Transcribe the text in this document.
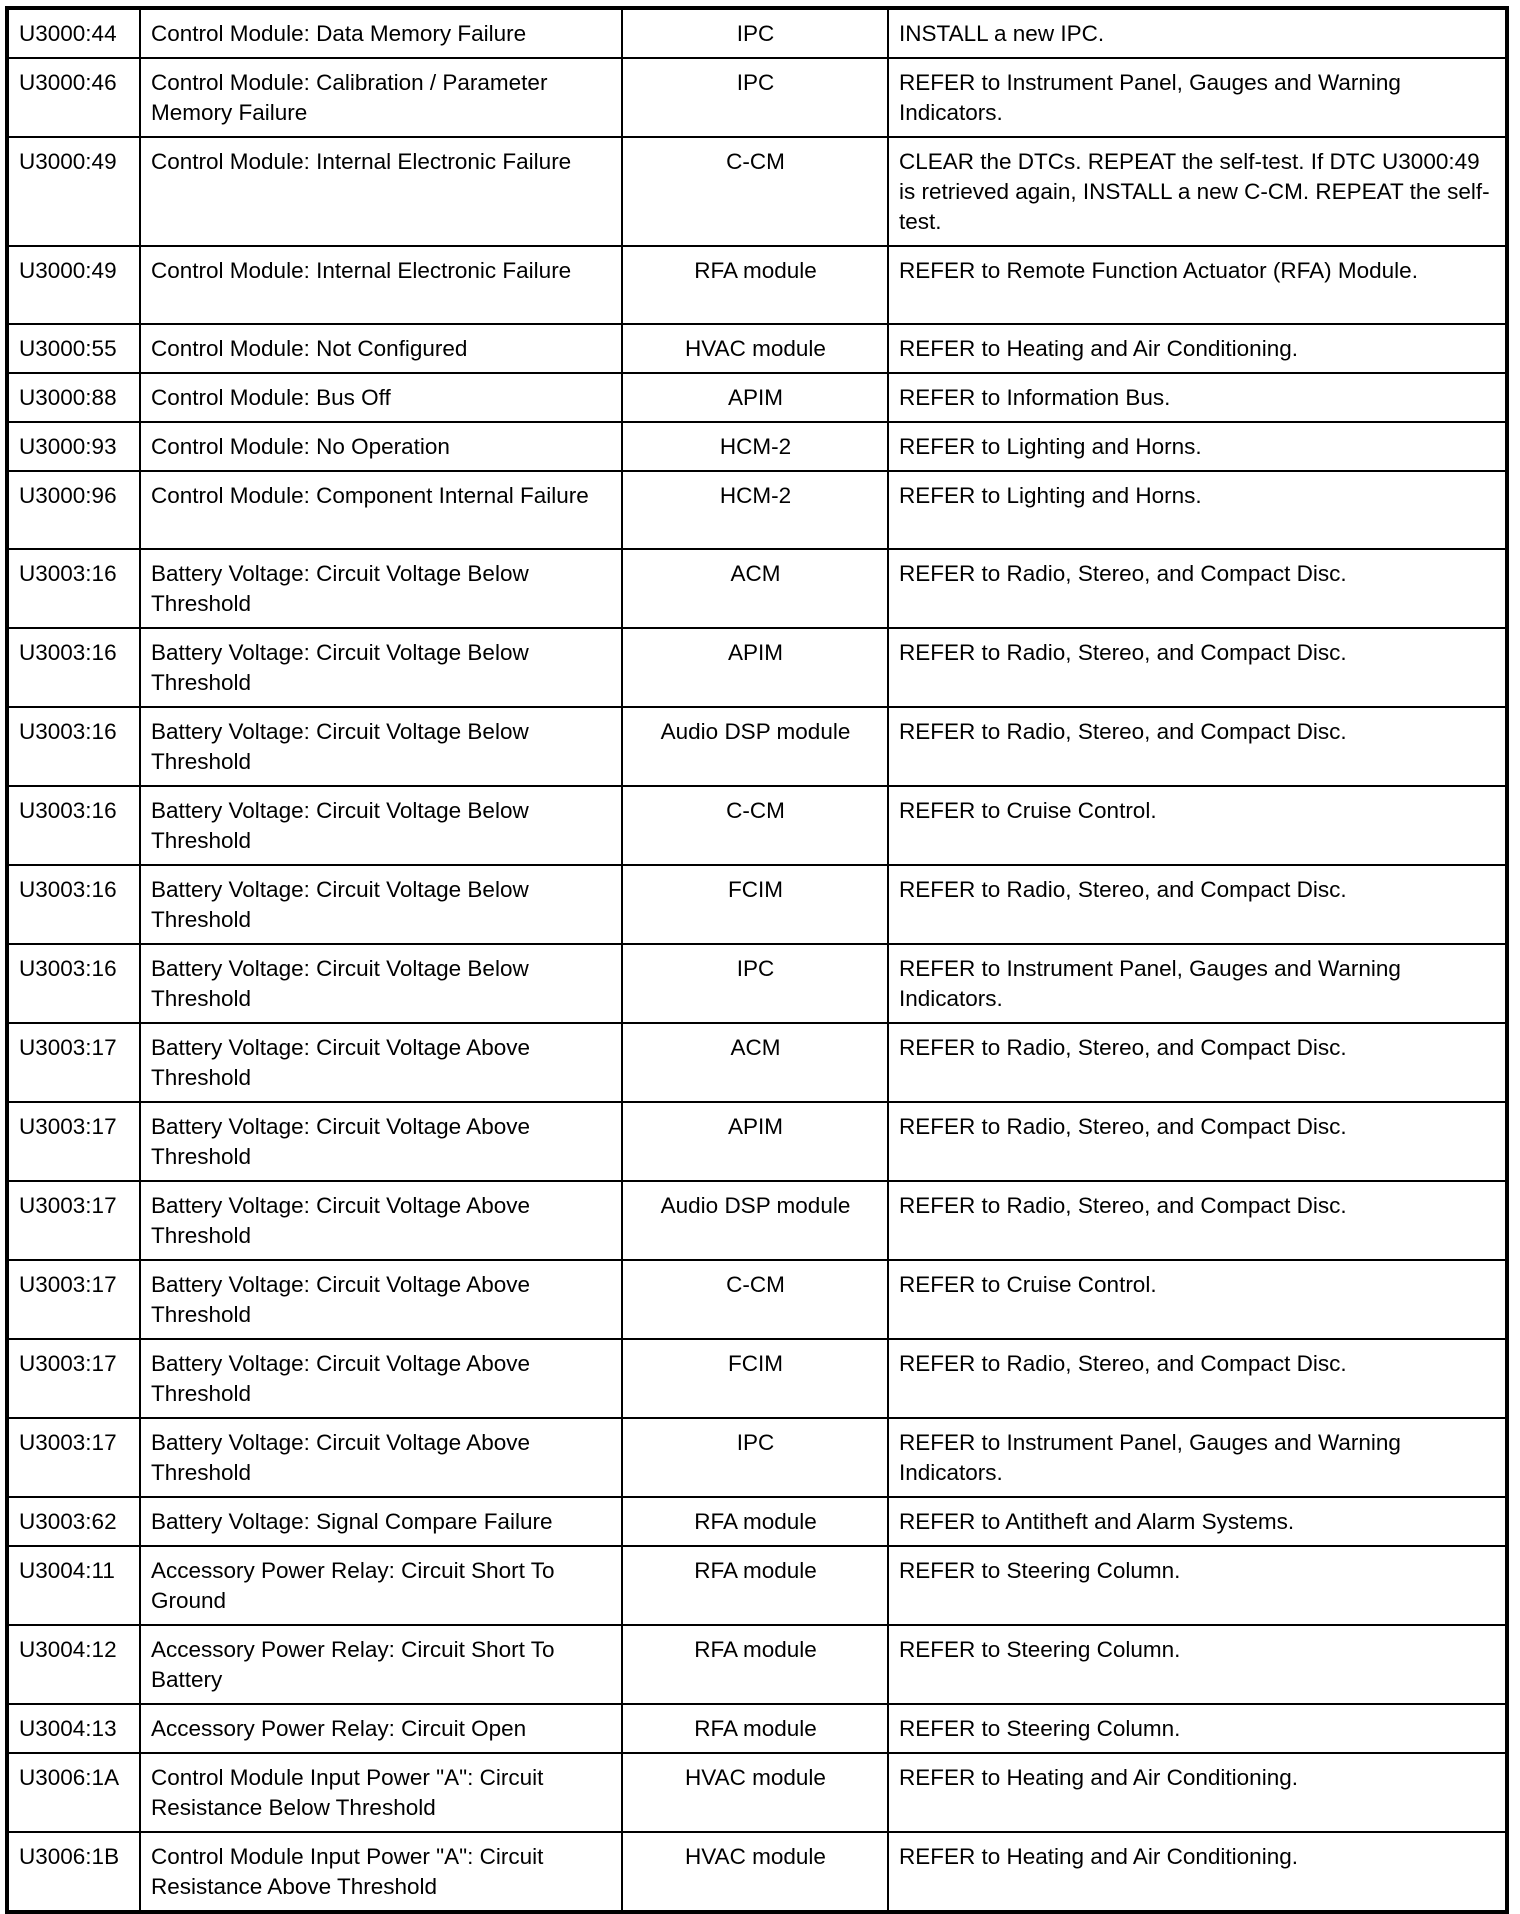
U3000:44	Control Module: Data Memory Failure	IPC	INSTALL a new IPC.
U3000:46	Control Module: Calibration / Parameter Memory Failure	IPC	REFER to Instrument Panel, Gauges and Warning Indicators.
U3000:49	Control Module: Internal Electronic Failure	C-CM	CLEAR the DTCs. REPEAT the self-test. If DTC U3000:49 is retrieved again, INSTALL a new C-CM. REPEAT the self-test.
U3000:49	Control Module: Internal Electronic Failure	RFA module	REFER to Remote Function Actuator (RFA) Module.
U3000:55	Control Module: Not Configured	HVAC module	REFER to Heating and Air Conditioning.
U3000:88	Control Module: Bus Off	APIM	REFER to Information Bus.
U3000:93	Control Module: No Operation	HCM-2	REFER to Lighting and Horns.
U3000:96	Control Module: Component Internal Failure	HCM-2	REFER to Lighting and Horns.
U3003:16	Battery Voltage: Circuit Voltage Below Threshold	ACM	REFER to Radio, Stereo, and Compact Disc.
U3003:16	Battery Voltage: Circuit Voltage Below Threshold	APIM	REFER to Radio, Stereo, and Compact Disc.
U3003:16	Battery Voltage: Circuit Voltage Below Threshold	Audio DSP module	REFER to Radio, Stereo, and Compact Disc.
U3003:16	Battery Voltage: Circuit Voltage Below Threshold	C-CM	REFER to Cruise Control.
U3003:16	Battery Voltage: Circuit Voltage Below Threshold	FCIM	REFER to Radio, Stereo, and Compact Disc.
U3003:16	Battery Voltage: Circuit Voltage Below Threshold	IPC	REFER to Instrument Panel, Gauges and Warning Indicators.
U3003:17	Battery Voltage: Circuit Voltage Above Threshold	ACM	REFER to Radio, Stereo, and Compact Disc.
U3003:17	Battery Voltage: Circuit Voltage Above Threshold	APIM	REFER to Radio, Stereo, and Compact Disc.
U3003:17	Battery Voltage: Circuit Voltage Above Threshold	Audio DSP module	REFER to Radio, Stereo, and Compact Disc.
U3003:17	Battery Voltage: Circuit Voltage Above Threshold	C-CM	REFER to Cruise Control.
U3003:17	Battery Voltage: Circuit Voltage Above Threshold	FCIM	REFER to Radio, Stereo, and Compact Disc.
U3003:17	Battery Voltage: Circuit Voltage Above Threshold	IPC	REFER to Instrument Panel, Gauges and Warning Indicators.
U3003:62	Battery Voltage: Signal Compare Failure	RFA module	REFER to Antitheft and Alarm Systems.
U3004:11	Accessory Power Relay: Circuit Short To Ground	RFA module	REFER to Steering Column.
U3004:12	Accessory Power Relay: Circuit Short To Battery	RFA module	REFER to Steering Column.
U3004:13	Accessory Power Relay: Circuit Open	RFA module	REFER to Steering Column.
U3006:1A	Control Module Input Power "A": Circuit Resistance Below Threshold	HVAC module	REFER to Heating and Air Conditioning.
U3006:1B	Control Module Input Power "A": Circuit Resistance Above Threshold	HVAC module	REFER to Heating and Air Conditioning.
